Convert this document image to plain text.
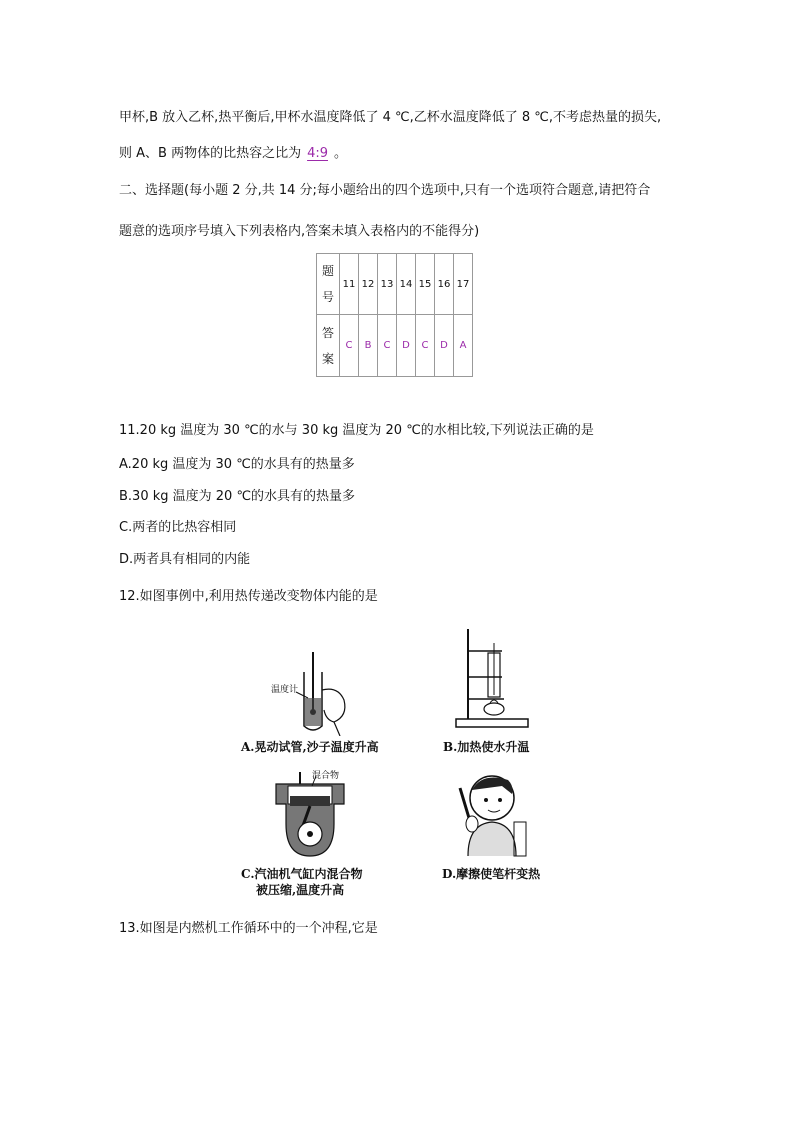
甲杯,B 放入乙杯,热平衡后,甲杯水温度降低了 4 ℃,乙杯水温度降低了 8 ℃,不考虑热量的损失,
则 A、B 两物体的比热容之比为 4:9 。
二、选择题(每小题 2 分,共 14 分;每小题给出的四个选项中,只有一个选项符合题意,请把符合
题意的选项序号填入下列表格内,答案未填入表格内的不能得分)
题
号	11	12	13	14	15	16	17
答
案	C	B	C	D	C	D	A
11.20 kg 温度为 30 ℃的水与 30 kg 温度为 20 ℃的水相比较,下列说法正确的是
A.20 kg 温度为 30 ℃的水具有的热量多
B.30 kg 温度为 20 ℃的水具有的热量多
C.两者的比热容相同
D.两者具有相同的内能
12.如图事例中,利用热传递改变物体内能的是
温度计
A.晃动试管,沙子温度升高	B.加热使水升温
混合物
C.汽油机气缸内混合物
被压缩,温度升高
D.摩擦使笔杆变热
13.如图是内燃机工作循环中的一个冲程,它是
